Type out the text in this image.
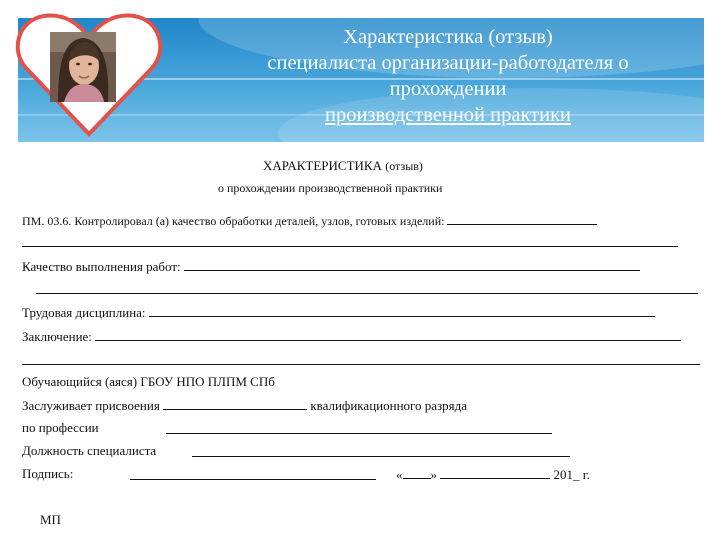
Характеристика (отзыв)
специалиста организации-работодателя о
прохождении
производственной практики
ХАРАКТЕРИСТИКА (отзыв)
о прохождении производственной практики
ПМ. 03.6. Контролировал (а) качество обработки деталей, узлов, готовых изделий:
Качество выполнения работ:
Трудовая дисциплина:
Заключение:
Обучающийся (аяся) ГБОУ НПО ПЛПМ СПб
Заслуживает присвоения	квалификационного разряда
по профессии
Должность специалиста
Подпись:	« »	201_ г.
МП
